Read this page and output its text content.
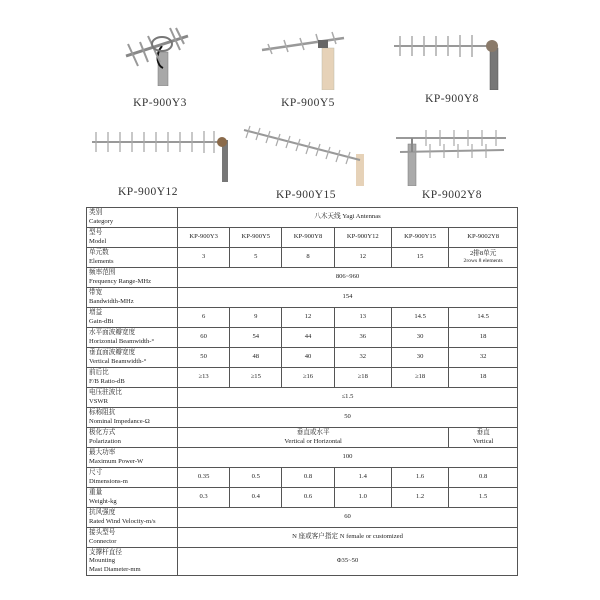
KP-900Y3	KP-900Y5	KP-900Y8
KP-900Y12	KP-900Y15	KP-9002Y8
类别
Category	八木天线 Yagi Antennas					

型号
Model	KP-900Y3	KP-900Y5	KP-900Y8	KP-900Y12	KP-900Y15	KP-9002Y8

单元数
Elements	3	5	8	12	15	2排8单元
2rows 8 elements

频率范围
Frequency Range-MHz	806~960					

带宽
Bandwidth-MHz	154					

增益
Gain-dBi	6	9	12	13	14.5	14.5

水平面波瓣宽度
Horizontal Beamwidth-°	60	54	44	36	30	18

垂直面波瓣宽度
Vertical Beamwidth-°	50	48	40	32	30	32

前后比
F/B Ratio-dB	≥13	≥15	≥16	≥18	≥18	18

电压驻波比
VSWR	≤1.5					

标称阻抗
Nominal Impedance-Ω	50					

极化方式
Polarization	垂直或水平
Vertical or Horizontal					垂直
Vertical

最大功率
Maximum Power-W	100					

尺寸
Dimensions-m	0.35	0.5	0.8	1.4	1.6	0.8

重量
Weight-kg	0.3	0.4	0.6	1.0	1.2	1.5

抗风强度
Rated Wind Velocity-m/s	60					

接头型号
Connector	N 座或客户指定 N female or customized					

支撑杆直径
Mounting
Mast Diameter-mm	Φ35~50					
